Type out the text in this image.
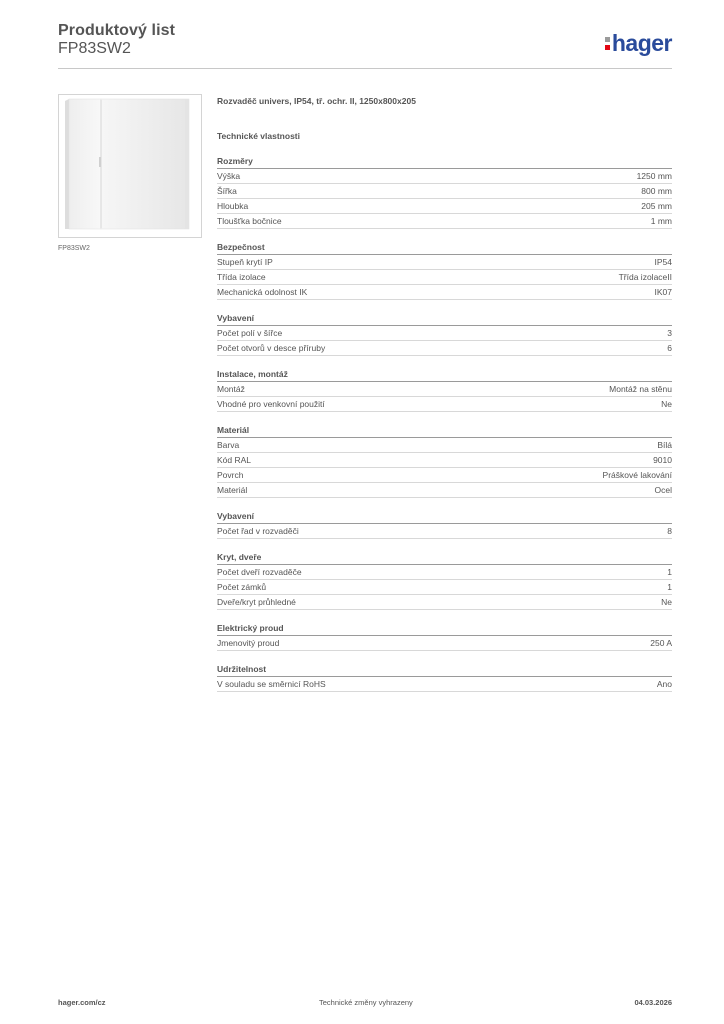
Produktový list
FP83SW2	hager
FP83SW2
Rozvaděč univers, IP54, tř. ochr. II, 1250x800x205
Technické vlastnosti
Rozměry
Výška	1250 mm
Šířka	800 mm
Hloubka	205 mm
Tloušťka bočnice	1 mm
Bezpečnost
Stupeň krytí IP	IP54
Třída izolace	Třída izolaceII
Mechanická odolnost IK	IK07
Vybavení
Počet polí v šířce	3
Počet otvorů v desce příruby	6
Instalace, montáž
Montáž	Montáž na stěnu
Vhodné pro venkovní použití	Ne
Materiál
Barva	Bílá
Kód RAL	9010
Povrch	Práškové lakování
Materiál	Ocel
Vybavení
Počet řad v rozvaděči	8
Kryt, dveře
Počet dveří rozvaděče	1
Počet zámků	1
Dveře/kryt průhledné	Ne
Elektrický proud
Jmenovitý proud	250 A
Udržitelnost
V souladu se směrnicí RoHS	Ano
hager.com/cz	Technické změny vyhrazeny	04.03.2026
